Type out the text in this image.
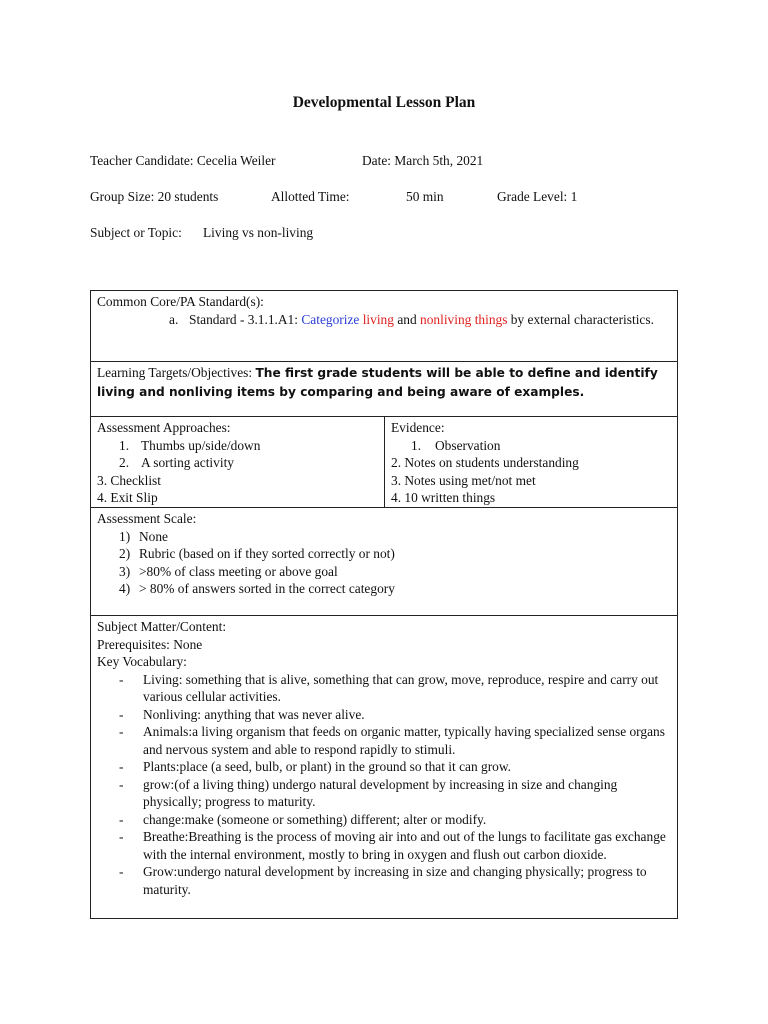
Developmental Lesson Plan
Teacher Candidate: Cecelia Weiler	Date: March 5th, 2021
Group Size: 20 students	Allotted Time:	50 min	Grade Level: 1
Subject or Topic: Living vs non-living
Common Core/PA Standard(s):
a. Standard - 3.1.1.A1: Categorize living and nonliving things by external characteristics.
Learning Targets/Objectives: The first grade students will be able to define and identify living and nonliving items by comparing and being aware of examples.
Assessment Approaches:
1. Thumbs up/side/down
2. A sorting activity
3. Checklist
4. Exit Slip
Evidence:
1. Observation
2. Notes on students understanding
3. Notes using met/not met
4. 10 written things
Assessment Scale:
1) None
2) Rubric (based on if they sorted correctly or not)
3) >80% of class meeting or above goal
4) > 80% of answers sorted in the correct category
Subject Matter/Content:
Prerequisites: None
Key Vocabulary:
- Living: something that is alive, something that can grow, move, reproduce, respire and carry out various cellular activities.
- Nonliving: anything that was never alive.
- Animals:a living organism that feeds on organic matter, typically having specialized sense organs and nervous system and able to respond rapidly to stimuli.
- Plants:place (a seed, bulb, or plant) in the ground so that it can grow.
- grow:(of a living thing) undergo natural development by increasing in size and changing physically; progress to maturity.
- change:make (someone or something) different; alter or modify.
- Breathe:Breathing is the process of moving air into and out of the lungs to facilitate gas exchange with the internal environment, mostly to bring in oxygen and flush out carbon dioxide.
- Grow:undergo natural development by increasing in size and changing physically; progress to maturity.
